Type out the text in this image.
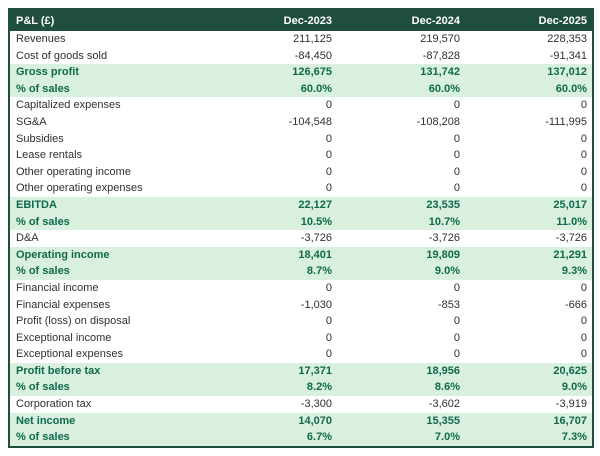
P&L (£)	Dec-2023	Dec-2024	Dec-2025
Revenues	211,125	219,570	228,353
Cost of goods sold	-84,450	-87,828	-91,341
Gross profit	126,675	131,742	137,012
% of sales	60.0%	60.0%	60.0%
Capitalized expenses	0	0	0
SG&A	-104,548	-108,208	-111,995
Subsidies	0	0	0
Lease rentals	0	0	0
Other operating income	0	0	0
Other operating expenses	0	0	0
EBITDA	22,127	23,535	25,017
% of sales	10.5%	10.7%	11.0%
D&A	-3,726	-3,726	-3,726
Operating income	18,401	19,809	21,291
% of sales	8.7%	9.0%	9.3%
Financial income	0	0	0
Financial expenses	-1,030	-853	-666
Profit (loss) on disposal	0	0	0
Exceptional income	0	0	0
Exceptional expenses	0	0	0
Profit before tax	17,371	18,956	20,625
% of sales	8.2%	8.6%	9.0%
Corporation tax	-3,300	-3,602	-3,919
Net income	14,070	15,355	16,707
% of sales	6.7%	7.0%	7.3%
